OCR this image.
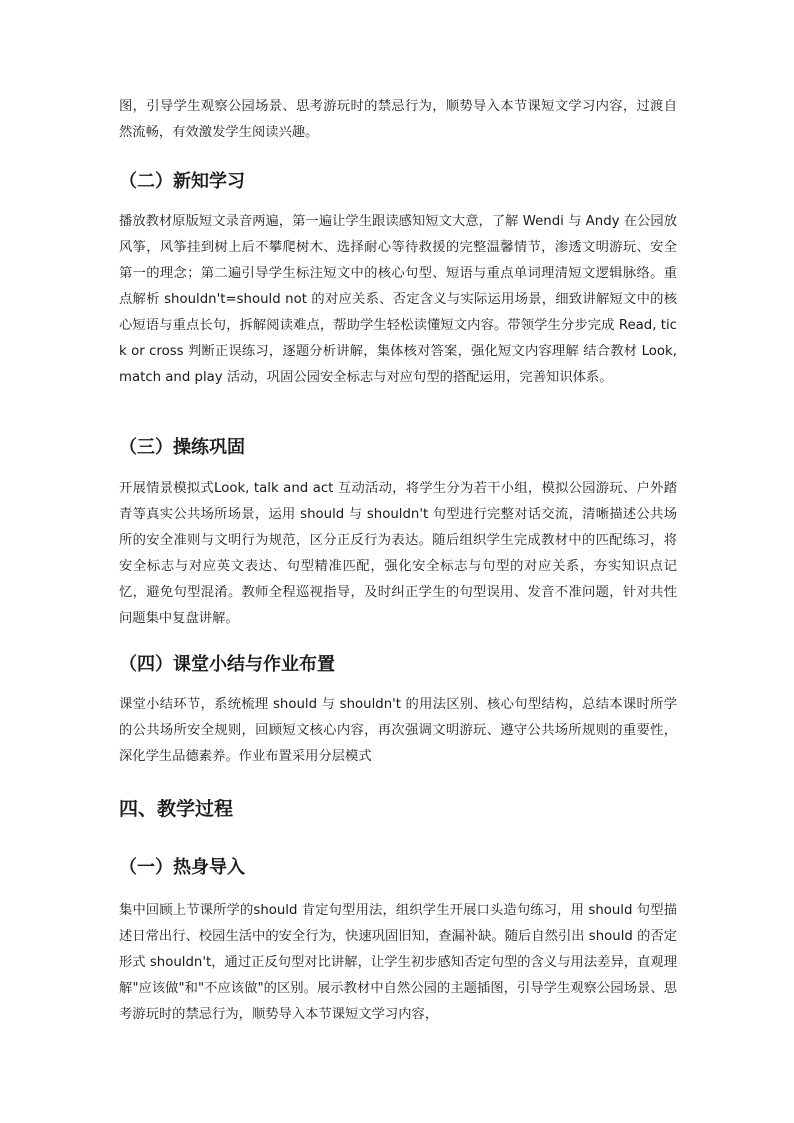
图，引导学生观察公园场景、思考游玩时的禁忌行为，顺势导入本节课短文学习内容，过渡自然流畅，有效激发学生阅读兴趣。

（二）新知学习

播放教材原版短文录音两遍，第一遍让学生跟读感知短文大意，了解 Wendi 与 Andy 在公园放风筝，风筝挂到树上后不攀爬树木、选择耐心等待救援的完整温馨情节，渗透文明游玩、安全第一的理念；第二遍引导学生标注短文中的核心句型、短语与重点单词理清短文逻辑脉络。重点解析 shouldn't=should not 的对应关系、否定含义与实际运用场景，细致讲解短文中的核心短语与重点长句，拆解阅读难点，帮助学生轻松读懂短文内容。带领学生分步完成 Read, tick or cross 判断正误练习，逐题分析讲解，集体核对答案，强化短文内容理解 结合教材 Look, match and play 活动，巩固公园安全标志与对应句型的搭配运用，完善知识体系。

（三）操练巩固

开展情景模拟式Look, talk and act 互动活动，将学生分为若干小组，模拟公园游玩、户外踏青等真实公共场所场景，运用 should 与 shouldn't 句型进行完整对话交流，清晰描述公共场所的安全准则与文明行为规范，区分正反行为表达。随后组织学生完成教材中的匹配练习，将安全标志与对应英文表达、句型精准匹配，强化安全标志与句型的对应关系，夯实知识点记忆，避免句型混淆。教师全程巡视指导，及时纠正学生的句型误用、发音不准问题，针对共性问题集中复盘讲解。

（四）课堂小结与作业布置

课堂小结环节，系统梳理 should 与 shouldn't 的用法区别、核心句型结构，总结本课时所学的公共场所安全规则，回顾短文核心内容，再次强调文明游玩、遵守公共场所规则的重要性，深化学生品德素养。作业布置采用分层模式

四、教学过程
（一）热身导入

集中回顾上节课所学的should 肯定句型用法，组织学生开展口头造句练习，用 should 句型描述日常出行、校园生活中的安全行为，快速巩固旧知，查漏补缺。随后自然引出 should 的否定形式 shouldn't，通过正反句型对比讲解，让学生初步感知否定句型的含义与用法差异，直观理解"应该做"和"不应该做"的区别。展示教材中自然公园的主题插图，引导学生观察公园场景、思考游玩时的禁忌行为，顺势导入本节课短文学习内容，
